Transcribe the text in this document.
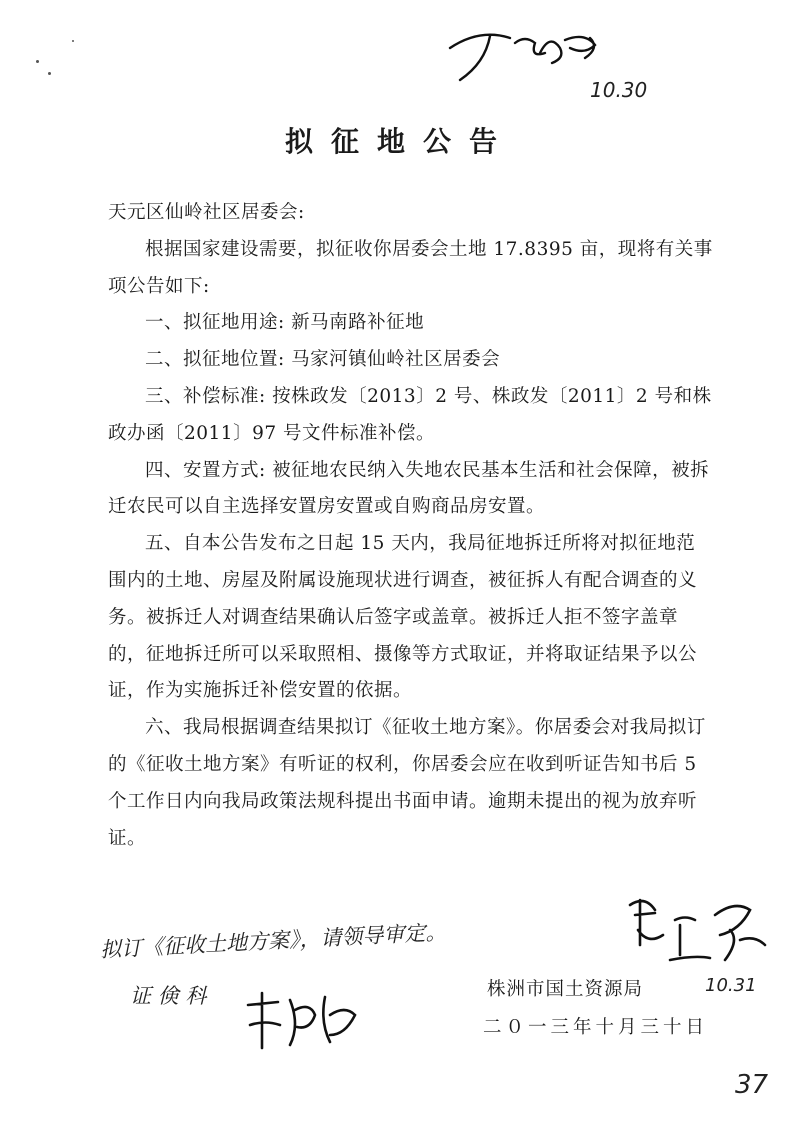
10.30
拟征地公告

天元区仙岭社区居委会:

根据国家建设需要，拟征收你居委会土地 17.8395 亩，现将有关事项公告如下:

一、拟征地用途: 新马南路补征地

二、拟征地位置: 马家河镇仙岭社区居委会

三、补偿标准: 按株政发〔2013〕2 号、株政发〔2011〕2 号和株政办函〔2011〕97 号文件标准补偿。

四、安置方式: 被征地农民纳入失地农民基本生活和社会保障，被拆迁农民可以自主选择安置房安置或自购商品房安置。

五、自本公告发布之日起 15 天内，我局征地拆迁所将对拟征地范围内的土地、房屋及附属设施现状进行调查，被征拆人有配合调查的义务。被拆迁人对调查结果确认后签字或盖章。被拆迁人拒不签字盖章的，征地拆迁所可以采取照相、摄像等方式取证，并将取证结果予以公证，作为实施拆迁补偿安置的依据。

六、我局根据调查结果拟订《征收土地方案》。你居委会对我局拟订的《征收土地方案》有听证的权利，你居委会应在收到听证告知书后 5 个工作日内向我局政策法规科提出书面申请。逾期未提出的视为放弃听证。

10.31
拟订《征收土地方案》，请领导审定。
证 倹 科	株洲市国土资源局
二０一三年十月三十日
37
